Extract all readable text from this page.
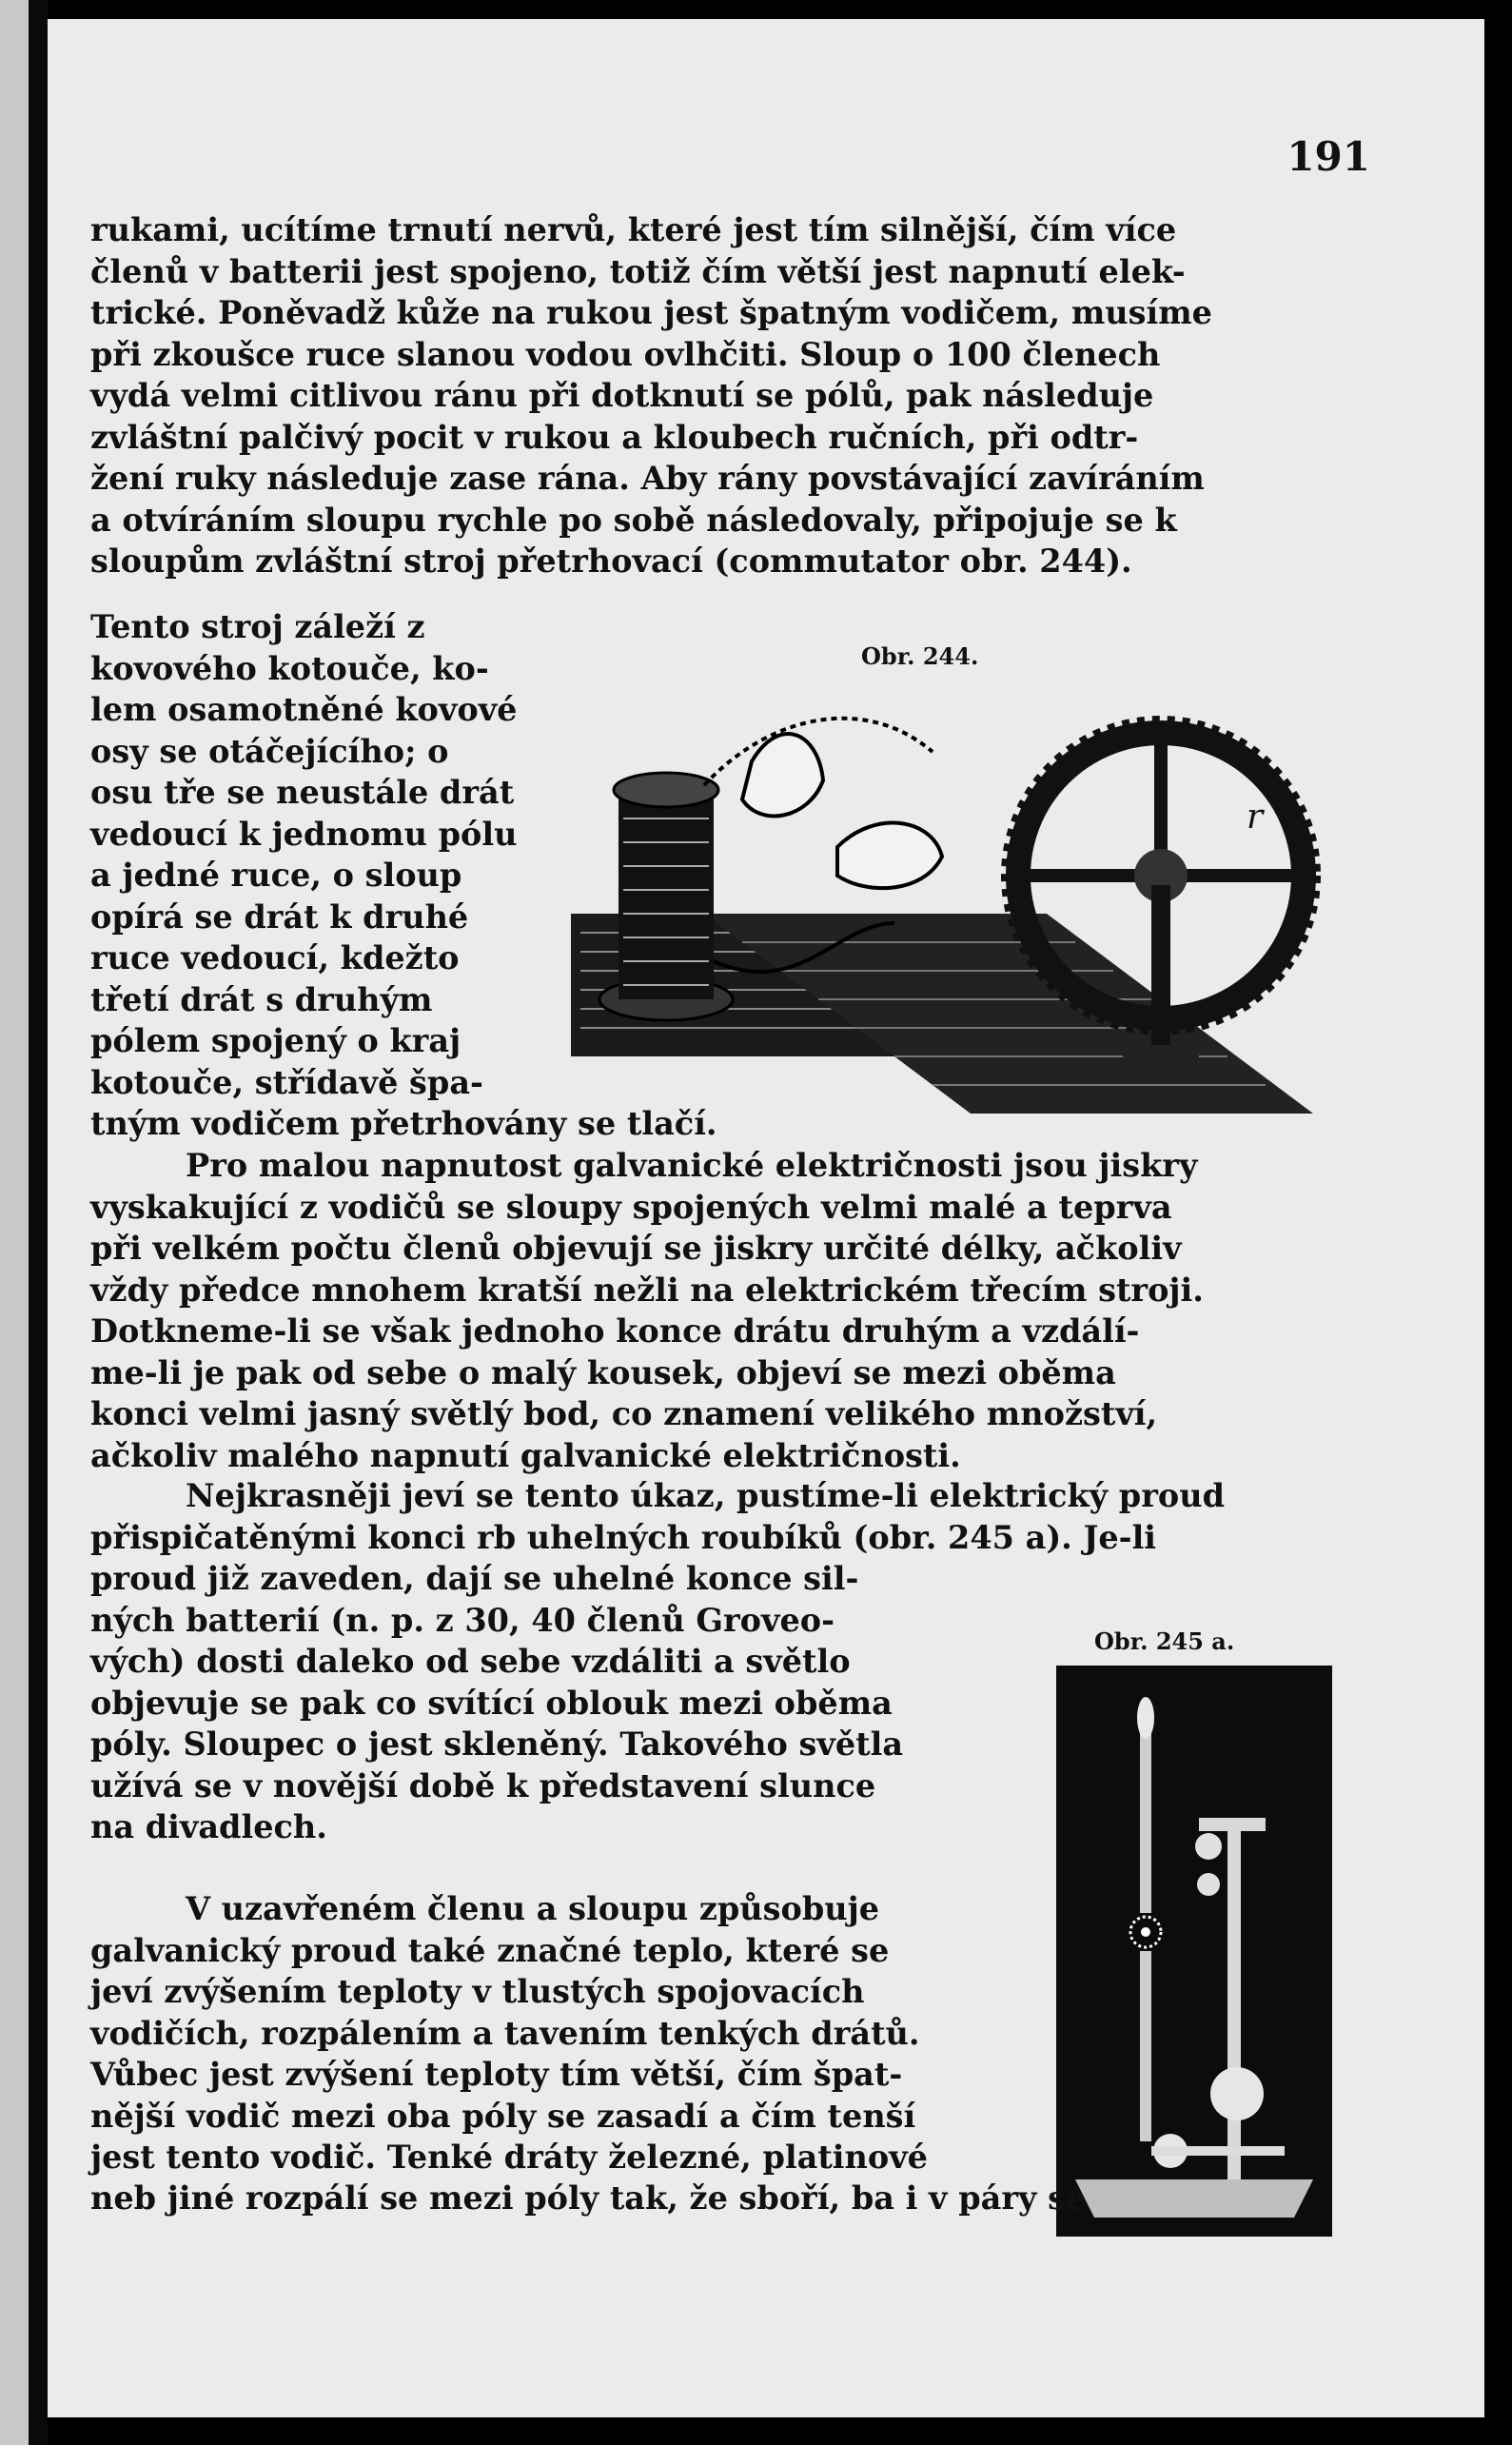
191

rukami, ucítíme trnutí nervů, které jest tím silnější, čím více

členů v batterii jest spojeno, totiž čím větší jest napnutí elek-

trické. Poněvadž kůže na rukou jest špatným vodičem, musíme

při zkoušce ruce slanou vodou ovlhčiti. Sloup o 100 členech

vydá velmi citlivou ránu při dotknutí se pólů, pak následuje

zvláštní palčivý pocit v rukou a kloubech ručních, při odtr-

žení ruky následuje zase rána. Aby rány povstávající zavíráním

a otvíráním sloupu rychle po sobě následovaly, připojuje se k

sloupům zvláštní stroj přetrhovací (commutator obr. 244).

Tento stroj záleží z

kovového kotouče, ko-

lem osamotněné kovové

osy se otáčejícího; o

osu tře se neustále drát

vedoucí k jednomu pólu

a jedné ruce, o sloup

opírá se drát k druhé

ruce vedoucí, kdežto

třetí drát s druhým

pólem spojený o kraj

kotouče, střídavě špa-

tným vodičem přetrhovány se tlačí.

Obr. 244.
r

Pro malou napnutost galvanické električnosti jsou jiskry

vyskakující z vodičů se sloupy spojených velmi malé a teprva

při velkém počtu členů objevují se jiskry určité délky, ačkoliv

vždy předce mnohem kratší nežli na elektrickém třecím stroji.

Dotkneme-li se však jednoho konce drátu druhým a vzdálí-

me-li je pak od sebe o malý kousek, objeví se mezi oběma

konci velmi jasný světlý bod, co znamení velikého množství,

ačkoliv malého napnutí galvanické električnosti.

Nejkrasněji jeví se tento úkaz, pustíme-li elektrický proud

přispičatěnými konci rb uhelných roubíků (obr. 245 a). Je-li

proud již zaveden, dají se uhelné konce sil-

ných batterií (n. p. z 30, 40 členů Groveo-

vých) dosti daleko od sebe vzdáliti a světlo

objevuje se pak co svítící oblouk mezi oběma

póly. Sloupec o jest skleněný. Takového světla

užívá se v novější době k představení slunce

na divadlech.

Obr. 245 a.

V uzavřeném členu a sloupu způsobuje

galvanický proud také značné teplo, které se

jeví zvýšením teploty v tlustých spojovacích

vodičích, rozpálením a tavením tenkých drátů.

Vůbec jest zvýšení teploty tím větší, čím špat-

nější vodič mezi oba póly se zasadí a čím tenší

jest tento vodič. Tenké dráty železné, platinové

neb jiné rozpálí se mezi póly tak, že sboří, ba i v páry se
